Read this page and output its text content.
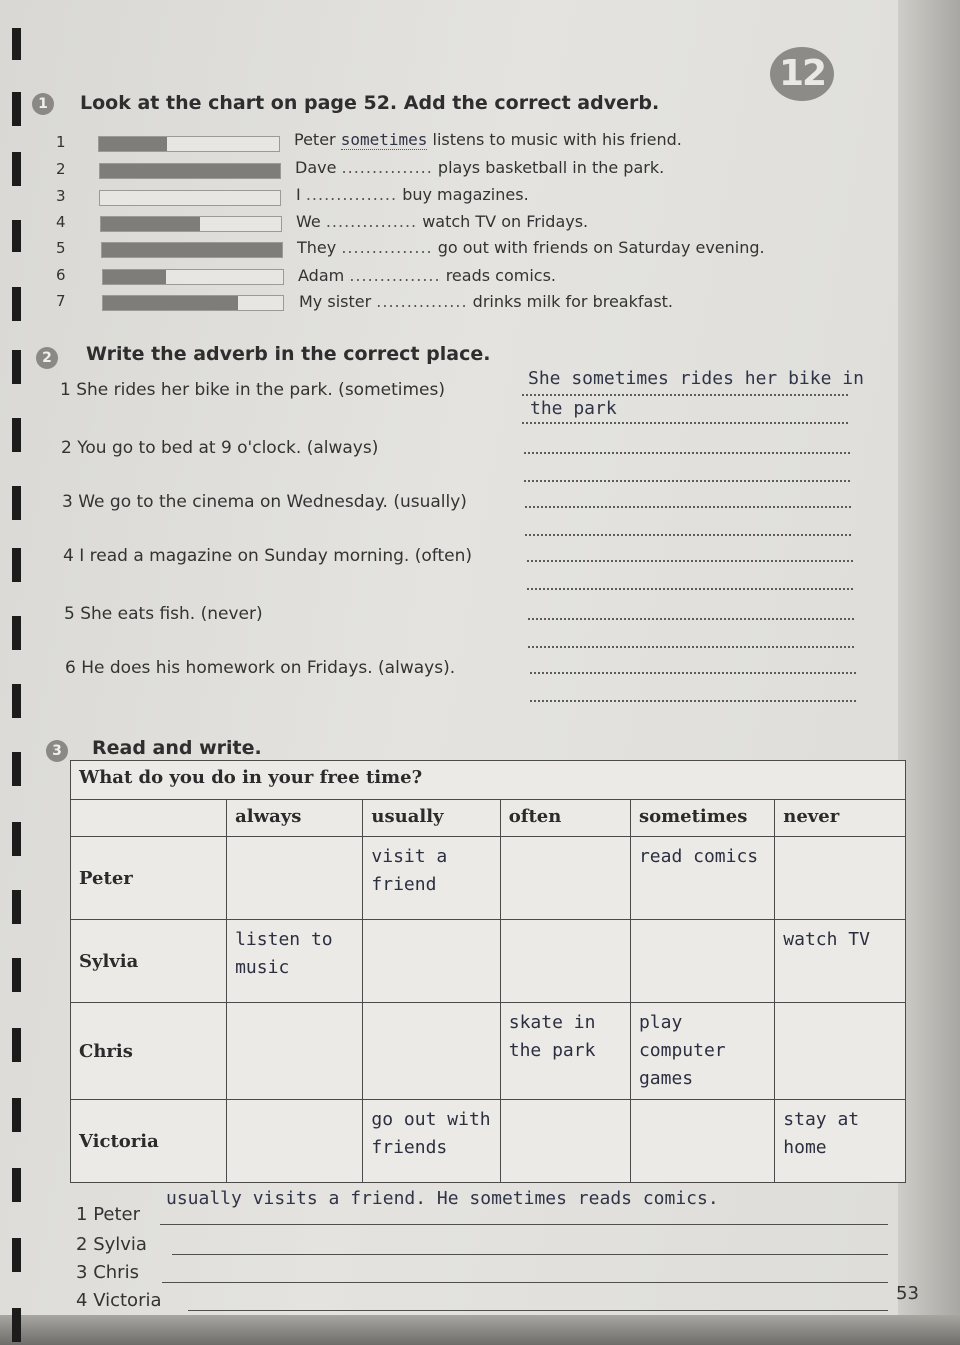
12
1	Look at the chart on page 52. Add the correct adverb.
1	Peter sometimes listens to music with his friend.
2	Dave ............... plays basketball in the park.
3	I ............... buy magazines.
4	We ............... watch TV on Fridays.
5	They ............... go out with friends on Saturday evening.
6	Adam ............... reads comics.
7	My sister ............... drinks milk for breakfast.
2	Write the adverb in the correct place.
1 She rides her bike in the park. (sometimes)
She sometimes rides her bike in
the park
2 You go to bed at 9 o'clock. (always)
3 We go to the cinema on Wednesday. (usually)
4 I read a magazine on Sunday morning. (often)
5 She eats fish. (never)
6 He does his homework on Fridays. (always).
3	Read and write.
What do you do in your free time?					
	always	usually	often	sometimes	never
Peter		visit a friend		read comics	
Sylvia	listen to music				watch TV
Chris			skate in the park	play computer games	
Victoria		go out with friends			stay at home
1 Peter
usually visits a friend. He sometimes reads comics.
2 Sylvia
3 Chris
4 Victoria	53
